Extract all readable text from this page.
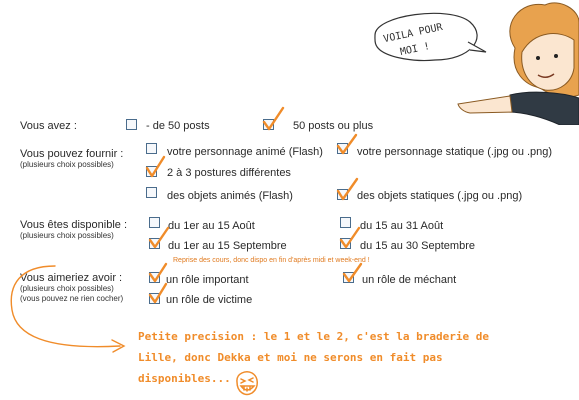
VOILA POUR
MOI !
Vous avez :	- de 50 posts	50 posts ou plus
Vous pouvez fournir :
(plusieurs choix possibles)
votre personnage animé (Flash)	votre personnage statique (.jpg ou .png)
2 à 3 postures différentes
des objets animés (Flash)	des objets statiques (.jpg ou .png)
Vous êtes disponible :
(plusieurs choix possibles)
du 1er au 15 Août	du 15 au 31 Août
du 1er au 15 Septembre	du 15 au 30 Septembre
Reprise des cours, donc dispo en fin d'après midi et week-end !
Vous aimeriez avoir :
(plusieurs choix possibles)
(vous pouvez ne rien cocher)
un rôle important	un rôle de méchant
un rôle de victime
Petite precision : le 1 et le 2, c'est la braderie de
Lille, donc Dekka et moi ne serons en fait pas
disponibles...
